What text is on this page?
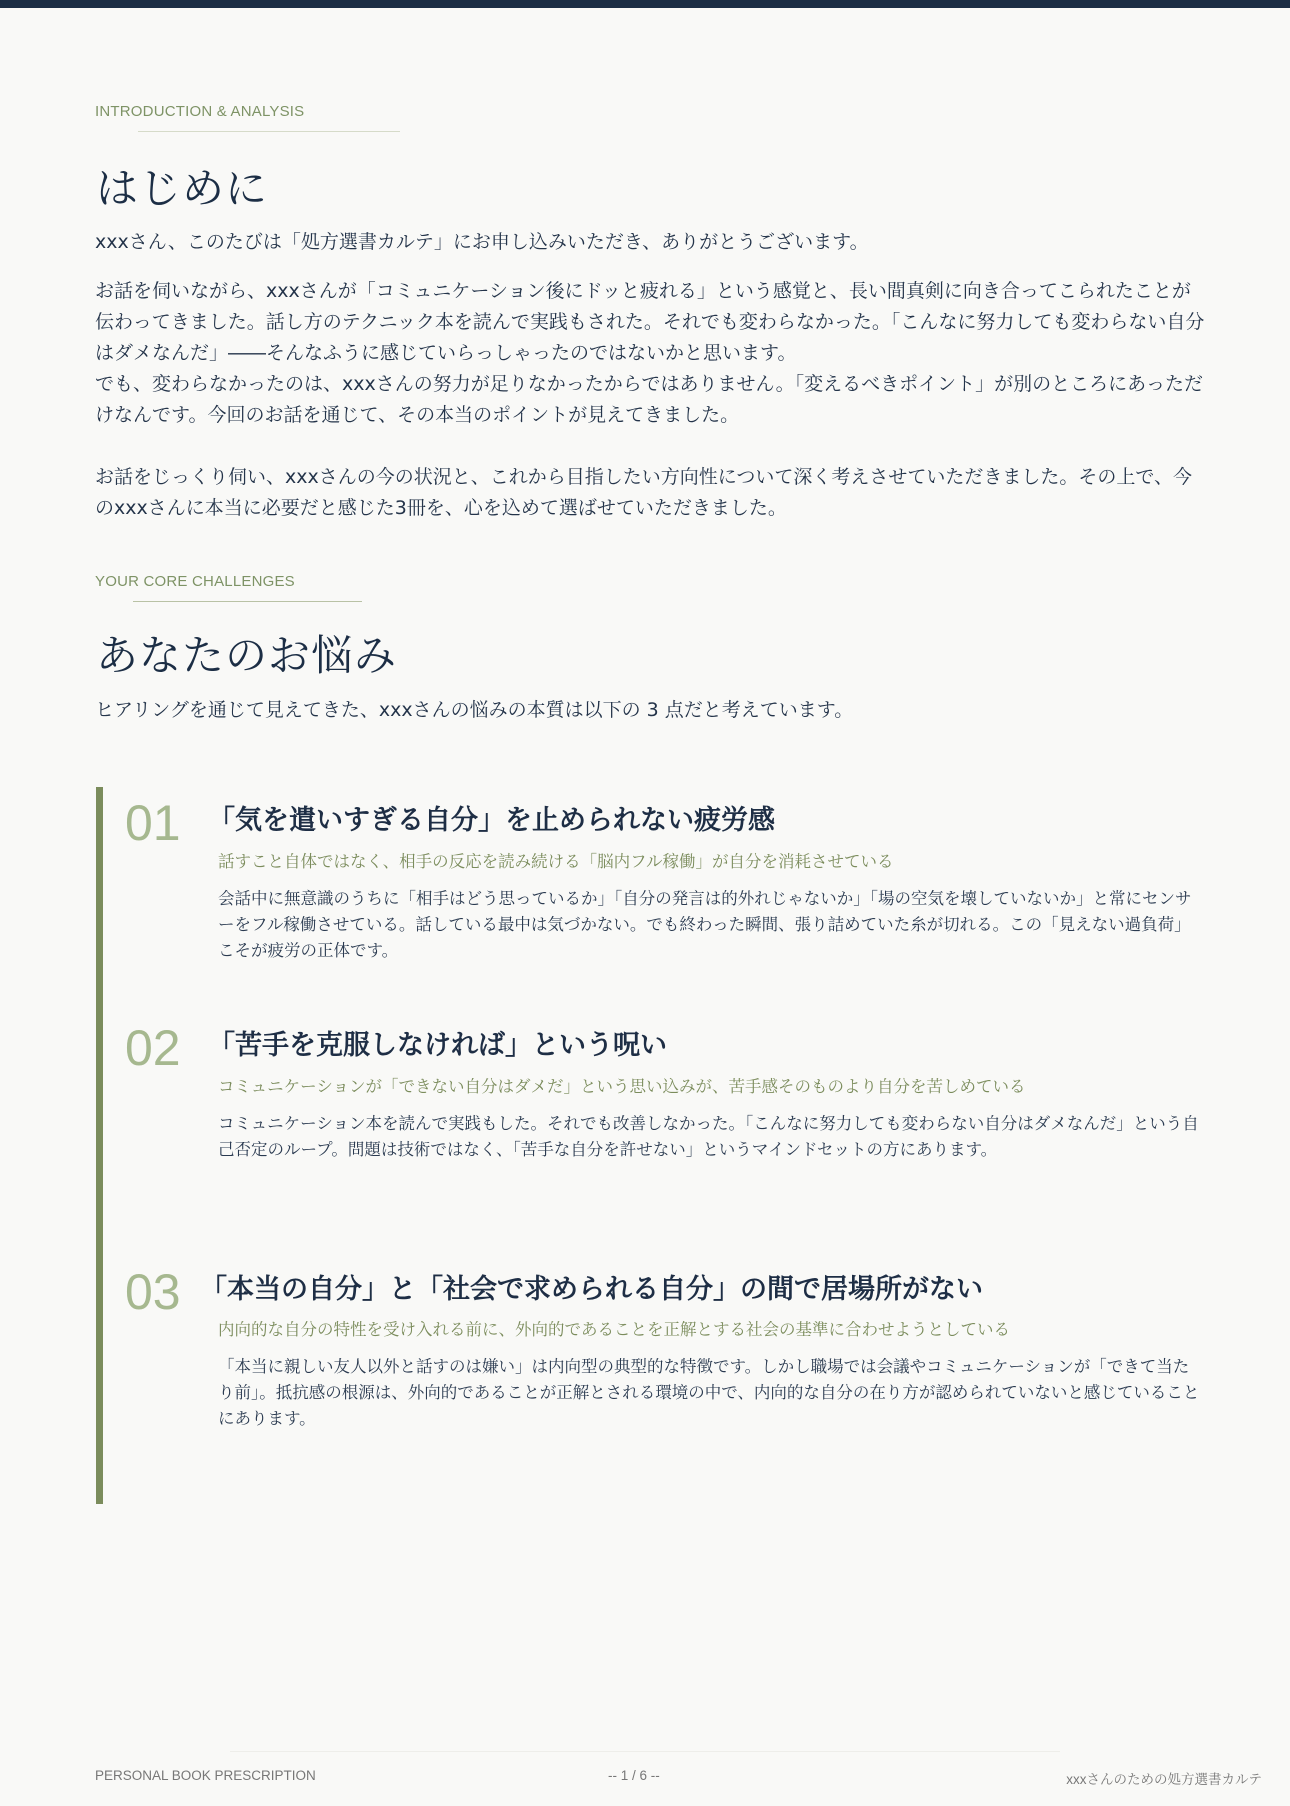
INTRODUCTION & ANALYSIS
はじめに

xxxさん、このたびは「処方選書カルテ」にお申し込みいただき、ありがとうございます。

お話を伺いながら、xxxさんが「コミュニケーション後にドッと疲れる」という感覚と、長い間真剣に向き合ってこられたことが伝わってきました。話し方のテクニック本を読んで実践もされた。それでも変わらなかった。「こんなに努力しても変わらない自分はダメなんだ」――そんなふうに感じていらっしゃったのではないかと思います。

でも、変わらなかったのは、xxxさんの努力が足りなかったからではありません。「変えるべきポイント」が別のところにあっただけなんです。今回のお話を通じて、その本当のポイントが見えてきました。

お話をじっくり伺い、xxxさんの今の状況と、これから目指したい方向性について深く考えさせていただきました。その上で、今のxxxさんに本当に必要だと感じた3冊を、心を込めて選ばせていただきました。

YOUR CORE CHALLENGES
あなたのお悩み

ヒアリングを通じて見えてきた、xxxさんの悩みの本質は以下の 3 点だと考えています。

01 「気を遣いすぎる自分」を止められない疲労感
話すこと自体ではなく、相手の反応を読み続ける「脳内フル稼働」が自分を消耗させている

会話中に無意識のうちに「相手はどう思っているか」「自分の発言は的外れじゃないか」「場の空気を壊していないか」と常にセンサーをフル稼働させている。話している最中は気づかない。でも終わった瞬間、張り詰めていた糸が切れる。この「見えない過負荷」こそが疲労の正体です。

02 「苦手を克服しなければ」という呪い
コミュニケーションが「できない自分はダメだ」という思い込みが、苦手感そのものより自分を苦しめている

コミュニケーション本を読んで実践もした。それでも改善しなかった。「こんなに努力しても変わらない自分はダメなんだ」という自己否定のループ。問題は技術ではなく、「苦手な自分を許せない」というマインドセットの方にあります。

03 「本当の自分」と「社会で求められる自分」の間で居場所がない
内向的な自分の特性を受け入れる前に、外向的であることを正解とする社会の基準に合わせようとしている

「本当に親しい友人以外と話すのは嫌い」は内向型の典型的な特徴です。しかし職場では会議やコミュニケーションが「できて当たり前」。抵抗感の根源は、外向的であることが正解とされる環境の中で、内向的な自分の在り方が認められていないと感じていることにあります。

PERSONAL BOOK PRESCRIPTION	-- 1 / 6 --	xxxさんのための処方選書カルテ
